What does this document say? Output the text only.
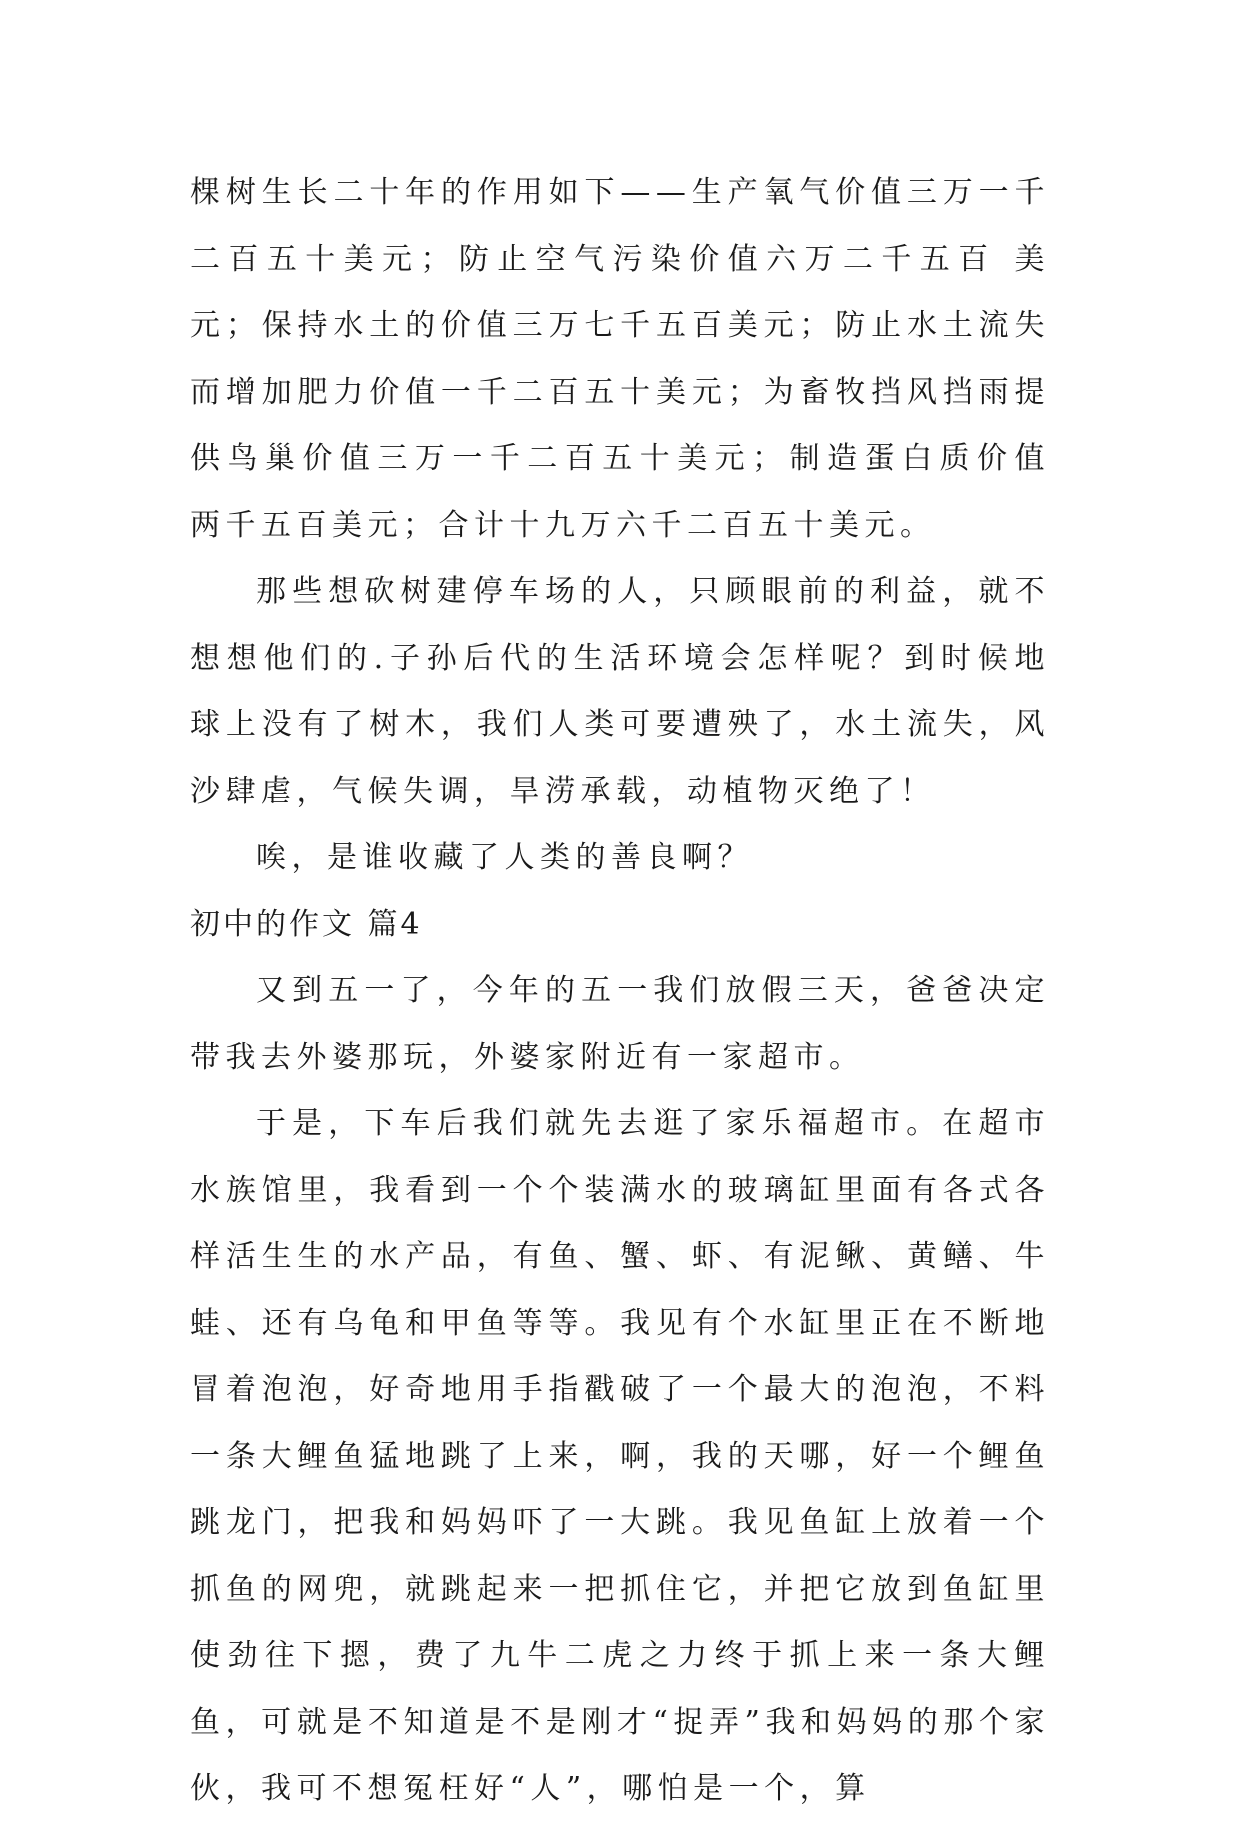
棵树生长二十年的作用如下——生产氧气价值三万一千二百五十美元；防止空气污染价值六万二千五百 美元；保持水土的价值三万七千五百美元；防止水土流失而增加肥力价值一千二百五十美元；为畜牧挡风挡雨提供鸟巢价值三万一千二百五十美元；制造蛋白质价值 两千五百美元；合计十九万六千二百五十美元。

那些想砍树建停车场的人，只顾眼前的利益，就不想想他们的.子孙后代的生活环境会怎样呢？到时候地球上没有了树木，我们人类可要遭殃了，水土流失，风沙肆虐，气候失调，旱涝承载，动植物灭绝了！

唉，是谁收藏了人类的善良啊？

初中的作文 篇4

又到五一了，今年的五一我们放假三天，爸爸决定带我去外婆那玩，外婆家附近有一家超市。

于是，下车后我们就先去逛了家乐福超市。在超市水族馆里，我看到一个个装满水的玻璃缸里面有各式各样活生生的水产品，有鱼、蟹、虾、有泥鳅、黄鳝、牛蛙、还有乌龟和甲鱼等等。我见有个水缸里正在不断地冒着泡泡，好奇地用手指戳破了一个最大的泡泡，不料一条大鲤鱼猛地跳了上来，啊，我的天哪，好一个鲤鱼跳龙门，把我和妈妈吓了一大跳。我见鱼缸上放着一个抓鱼的网兜，就跳起来一把抓住它，并把它放到鱼缸里使劲往下摁，费了九牛二虎之力终于抓上来一条大鲤鱼，可就是不知道是不是刚才“捉弄”我和妈妈的那个家伙，我可不想冤枉好“人”，哪怕是一个，算
